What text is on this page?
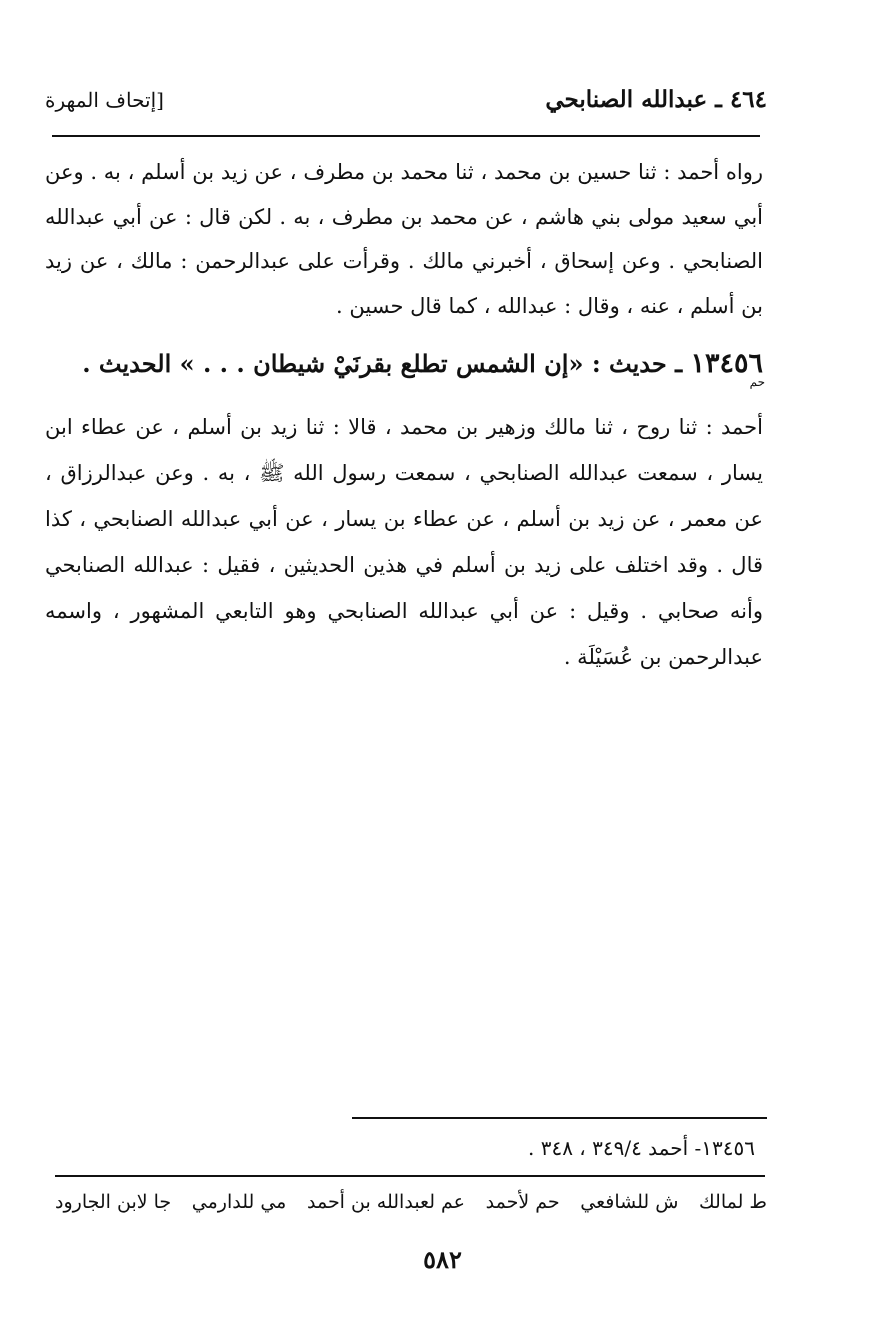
٤٦٤ ـ عبدالله الصنابحي
[إتحاف المهرة

رواه أحمد : ثنا حسين بن محمد ، ثنا محمد بن مطرف ، عن زيد بن أسلم ، به . وعن أبي سعيد مولى بني هاشم ، عن محمد بن مطرف ، به . لكن قال : عن أبي عبدالله الصنابحي . وعن إسحاق ، أخبرني مالك . وقرأت على عبدالرحمن : مالك ، عن زيد بن أسلم ، عنه ، وقال : عبدالله ، كما قال حسين .

١٣٤٥٦ ـ حديث : «إن الشمس تطلع بقرنَيْ شيطان . . . » الحديث .
حم

أحمد : ثنا روح ، ثنا مالك وزهير بن محمد ، قالا : ثنا زيد بن أسلم ، عن عطاء ابن يسار ، سمعت عبدالله الصنابحي ، سمعت رسول الله ﷺ ، به . وعن عبدالرزاق ، عن معمر ، عن زيد بن أسلم ، عن عطاء بن يسار ، عن أبي عبدالله الصنابحي ، كذا قال . وقد اختلف على زيد بن أسلم في هذين الحديثين ، فقيل : عبدالله الصنابحي وأنه صحابي . وقيل : عن أبي عبدالله الصنابحي وهو التابعي المشهور ، واسمه عبدالرحمن بن عُسَيْلَة .

١٣٤٥٦- أحمد ٣٤٩/٤ ، ٣٤٨ .
ط لمالك
ش للشافعي
حم لأحمد
عم لعبدالله بن أحمد
مي للدارمي
جا لابن الجارود
٥٨٢
